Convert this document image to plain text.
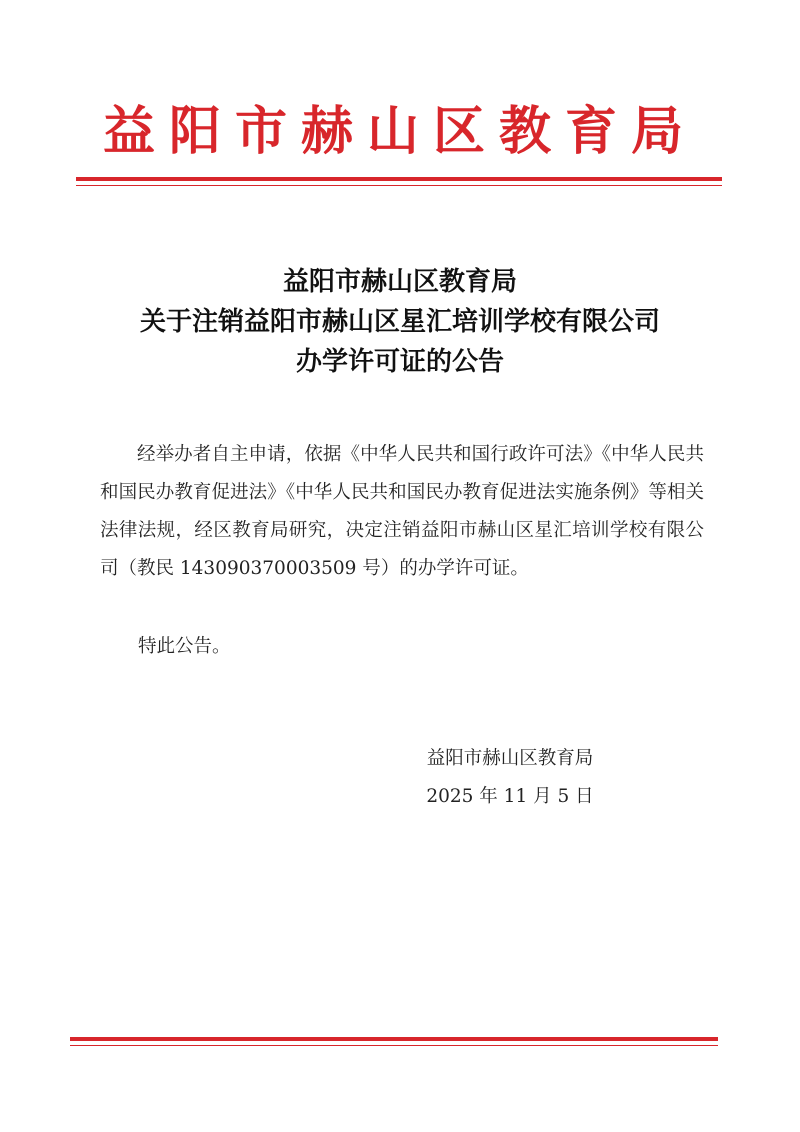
益阳市赫山区教育局
益阳市赫山区教育局
关于注销益阳市赫山区星汇培训学校有限公司
办学许可证的公告
经举办者自主申请，依据《中华人民共和国行政许可法》《中华人民共和国民办教育促进法》《中华人民共和国民办教育促进法实施条例》等相关法律法规，经区教育局研究，决定注销益阳市赫山区星汇培训学校有限公司（教民 143090370003509 号）的办学许可证。
特此公告。
益阳市赫山区教育局
2025 年 11 月 5 日
